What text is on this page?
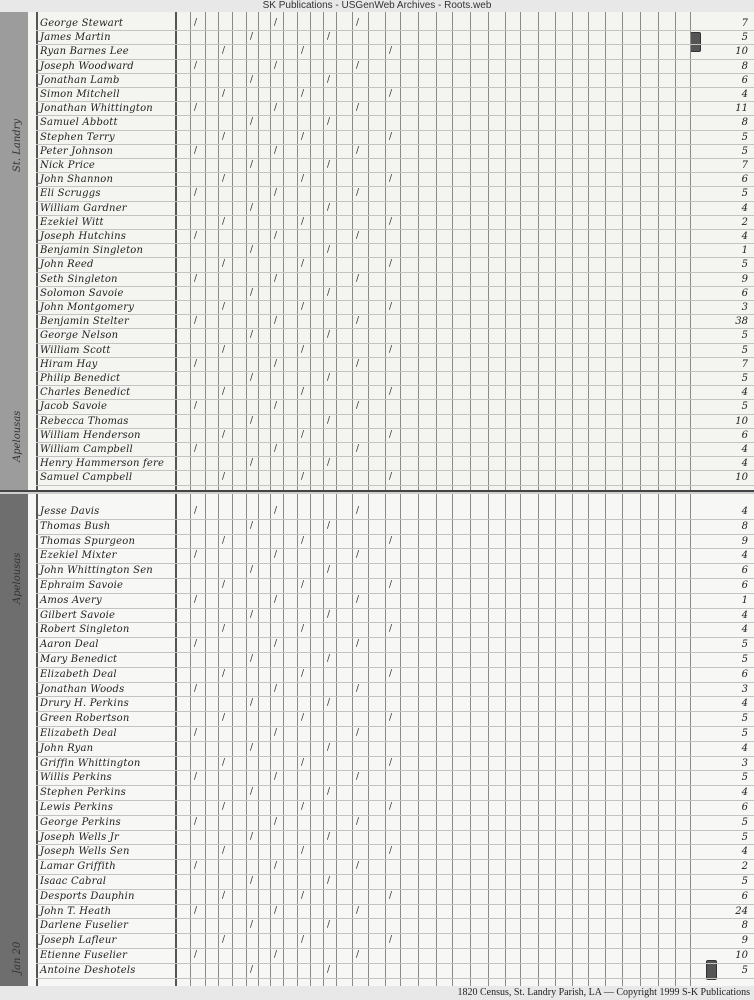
SK Publications - USGenWeb Archives - Roots.web
St. Landry
Apelousas
George Stewart	/	/	/	7
James Martin	/	/	5
Ryan Barnes Lee	/	/	/	10
Joseph Woodward	/	/	/	8
Jonathan Lamb	/	/	6
Simon Mitchell	/	/	/	4
Jonathan Whittington	/	/	/	11
Samuel Abbott	/	/	8
Stephen Terry	/	/	/	5
Peter Johnson	/	/	/	5
Nick Price	/	/	7
John Shannon	/	/	/	6
Eli Scruggs	/	/	/	5
William Gardner	/	/	4
Ezekiel Witt	/	/	/	2
Joseph Hutchins	/	/	/	4
Benjamin Singleton	/	/	1
John Reed	/	/	/	5
Seth Singleton	/	/	/	9
Solomon Savoie	/	/	6
John Montgomery	/	/	/	3
Benjamin Stelter	/	/	/	38
George Nelson	/	/	5
William Scott	/	/	/	5
Hiram Hay	/	/	/	7
Philip Benedict	/	/	5
Charles Benedict	/	/	/	4
Jacob Savoie	/	/	/	5
Rebecca Thomas	/	/	10
William Henderson	/	/	/	6
William Campbell	/	/	/	4
Henry Hammerson fere	/	/	4
Samuel Campbell	/	/	/	10
Apelousas
Jan 20
Jesse Davis	/	/	/	4
Thomas Bush	/	/	8
Thomas Spurgeon	/	/	/	9
Ezekiel Mixter	/	/	/	4
John Whittington Sen	/	/	6
Ephraim Savoie	/	/	/	6
Amos Avery	/	/	/	1
Gilbert Savoie	/	/	4
Robert Singleton	/	/	/	4
Aaron Deal	/	/	/	5
Mary Benedict	/	/	5
Elizabeth Deal	/	/	/	6
Jonathan Woods	/	/	/	3
Drury H. Perkins	/	/	4
Green Robertson	/	/	/	5
Elizabeth Deal	/	/	/	5
John Ryan	/	/	4
Griffin Whittington	/	/	/	3
Willis Perkins	/	/	/	5
Stephen Perkins	/	/	4
Lewis Perkins	/	/	/	6
George Perkins	/	/	/	5
Joseph Wells Jr	/	/	5
Joseph Wells Sen	/	/	/	4
Lamar Griffith	/	/	/	2
Isaac Cabral	/	/	5
Desports Dauphin	/	/	/	6
John T. Heath	/	/	/	24
Darlene Fuselier	/	/	8
Joseph Lafleur	/	/	/	9
Etienne Fuselier	/	/	/	10
Antoine Deshotels	/	/	5
1820 Census, St. Landry Parish, LA — Copyright 1999 S-K Publications
